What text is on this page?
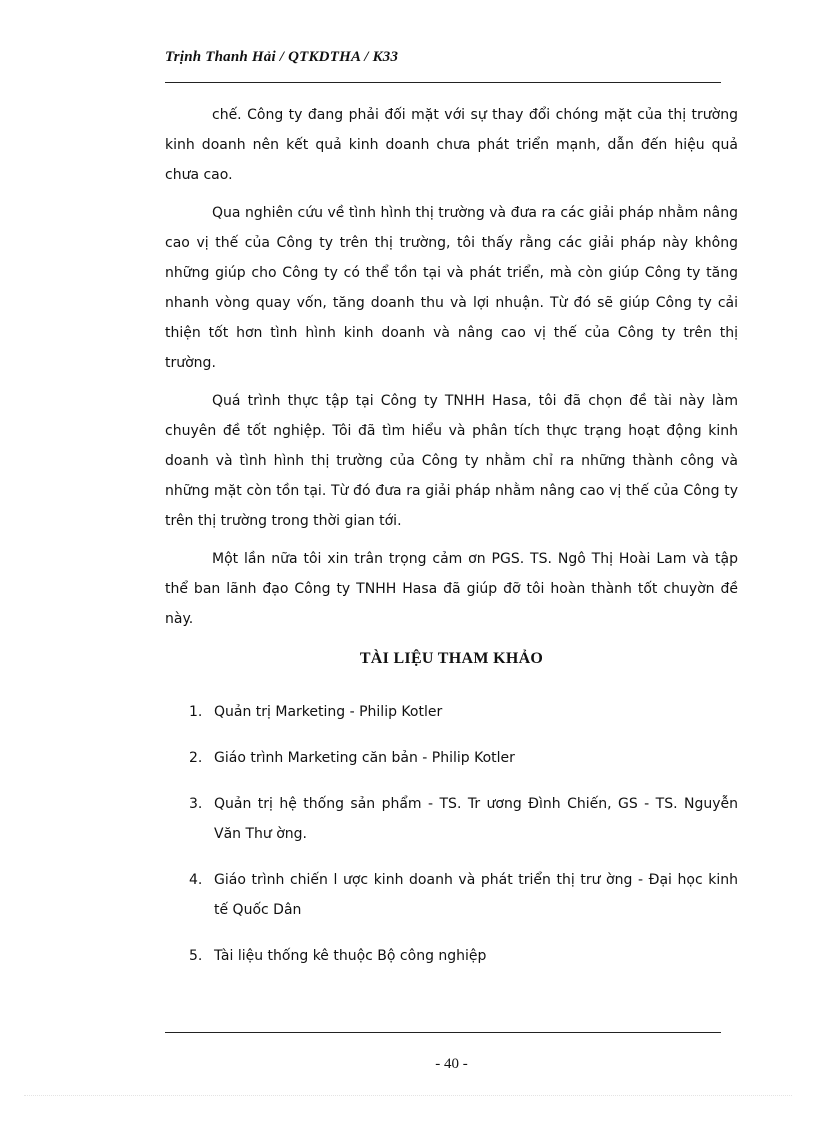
Trịnh Thanh Hải / QTKDTHA / K33

chế. Công ty đang phải đối mặt với sự thay đổi chóng mặt của thị trường kinh doanh nên kết quả kinh doanh chưa phát triển mạnh, dẫn đến hiệu quả chưa cao.

Qua nghiên cứu về tình hình thị trường và đưa ra các giải pháp nhằm nâng cao vị thế của Công ty trên thị trường, tôi thấy rằng các giải pháp này không những giúp cho Công ty có thể tồn tại và phát triển, mà còn giúp Công ty tăng nhanh vòng quay vốn, tăng doanh thu và lợi nhuận. Từ đó sẽ giúp Công ty cải thiện tốt hơn tình hình kinh doanh và nâng cao vị thế của Công ty trên thị trường.

Quá trình thực tập tại Công ty TNHH Hasa, tôi đã chọn đề tài này làm chuyên đề tốt nghiệp. Tôi đã tìm hiểu và phân tích thực trạng hoạt động kinh doanh và tình hình thị trường của Công ty nhằm chỉ ra những thành công và những mặt còn tồn tại. Từ đó đưa ra giải pháp nhằm nâng cao vị thế của Công ty trên thị trường trong thời gian tới.

Một lần nữa tôi xin trân trọng cảm ơn PGS. TS. Ngô Thị Hoài Lam và tập thể ban lãnh đạo Công ty TNHH Hasa đã giúp đỡ tôi hoàn thành tốt chuyờn đề này.

TÀI LIỆU THAM KHẢO
1. Quản trị Marketing - Philip Kotler
2. Giáo trình Marketing căn bản - Philip Kotler
3. Quản trị hệ thống sản phẩm - TS. Tr ương Đình Chiến, GS - TS. Nguyễn Văn Thư ờng.
4. Giáo trình chiến l ược kinh doanh và phát triển thị trư ờng - Đại học kinh tế Quốc Dân
5. Tài liệu thống kê thuộc Bộ công nghiệp
- 40 -
